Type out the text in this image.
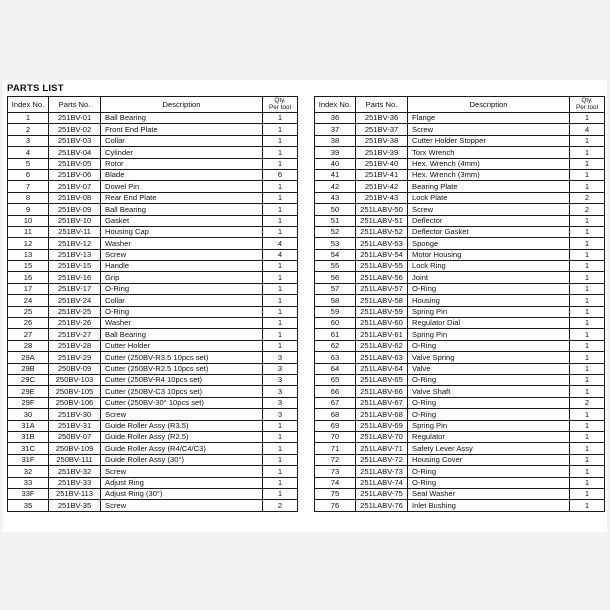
PARTS LIST
Index No.	Parts No.	Description	Qty.
Per tool
1	251BV-01	Ball Bearing	1
2	251BV-02	Front End Plate	1
3	251BV-03	Collar	1
4	251BV-04	Cylinder	1
5	251BV-05	Rotor	1
6	251BV-06	Blade	6
7	251BV-07	Dowel Pin	1
8	251BV-08	Rear End Plate	1
9	251BV-09	Ball Bearing	1
10	251BV-10	Gasket	1
11	251BV-11	Housing Cap	1
12	251BV-12	Washer	4
13	251BV-13	Screw	4
15	251BV-15	Handle	1
16	251BV-16	Grip	1
17	251BV-17	O-Ring	1
24	251BV-24	Collar	1
25	251BV-25	O-Ring	1
26	251BV-26	Washer	1
27	251BV-27	Ball Bearing	1
28	251BV-28	Cutter Holder	1
29A	251BV-29	Cutter (250BV-R3.5 10pcs set)	3
29B	250BV-09	Cutter (250BV-R2.5 10pcs set)	3
29C	250BV-103	Cutter (250BV-R4 10pcs set)	3
29E	250BV-105	Cutter (250BV-C3 10pcs set)	3
29F	250BV-106	Cutter (250BV-30° 10pcs set)	3
30	251BV-30	Screw	3
31A	251BV-31	Guide Roller Assy (R3.5)	1
31B	250BV-07	Guide Roller Assy (R2.5)	1
31C	250BV-109	Guide Roller Assy (R4/C4/C3)	1
31F	250BV-111	Guide Roller Assy (30°)	1
32	251BV-32	Screw	1
33	251BV-33	Adjust Ring	1
33F	251BV-113	Adjust Ring (30°)	1
35	251BV-35	Screw	2
Index No.	Parts No.	Description	Qty.
Per tool
36	251BV-36	Flange	1
37	251BV-37	Screw	4
38	251BV-38	Cutter Holder Stopper	1
39	251BV-39	Torx Wrench	1
40	251BV-40	Hex. Wrench (4mm)	1
41	251BV-41	Hex. Wrench (3mm)	1
42	251BV-42	Bearing Plate	1
43	251BV-43	Lock Plate	2
50	251LABV-50	Screw	2
51	251LABV-51	Deflector	1
52	251LABV-52	Deflector Gasket	1
53	251LABV-53	Sponge	1
54	251LABV-54	Motor Housing	1
55	251LABV-55	Lock Ring	1
56	251LABV-56	Joint	1
57	251LABV-57	O-Ring	1
58	251LABV-58	Housing	1
59	251LABV-59	Spring Pin	1
60	251LABV-60	Regulator Dial	1
61	251LABV-61	Spring Pin	1
62	251LABV-62	O-Ring	1
63	251LABV-63	Valve Spring	1
64	251LABV-64	Valve	1
65	251LABV-65	O-Ring	1
66	251LABV-66	Valve Shaft	1
67	251LABV-67	O-Ring	2
68	251LABV-68	O-Ring	1
69	251LABV-69	Spring Pin	1
70	251LABV-70	Regulator	1
71	251LABV-71	Safety Lever Assy	1
72	251LABV-72	Housing Cover	1
73	251LABV-73	O-Ring	1
74	251LABV-74	O-Ring	1
75	251LABV-75	Seal Washer	1
76	251LABV-76	Inlet Bushing	1
